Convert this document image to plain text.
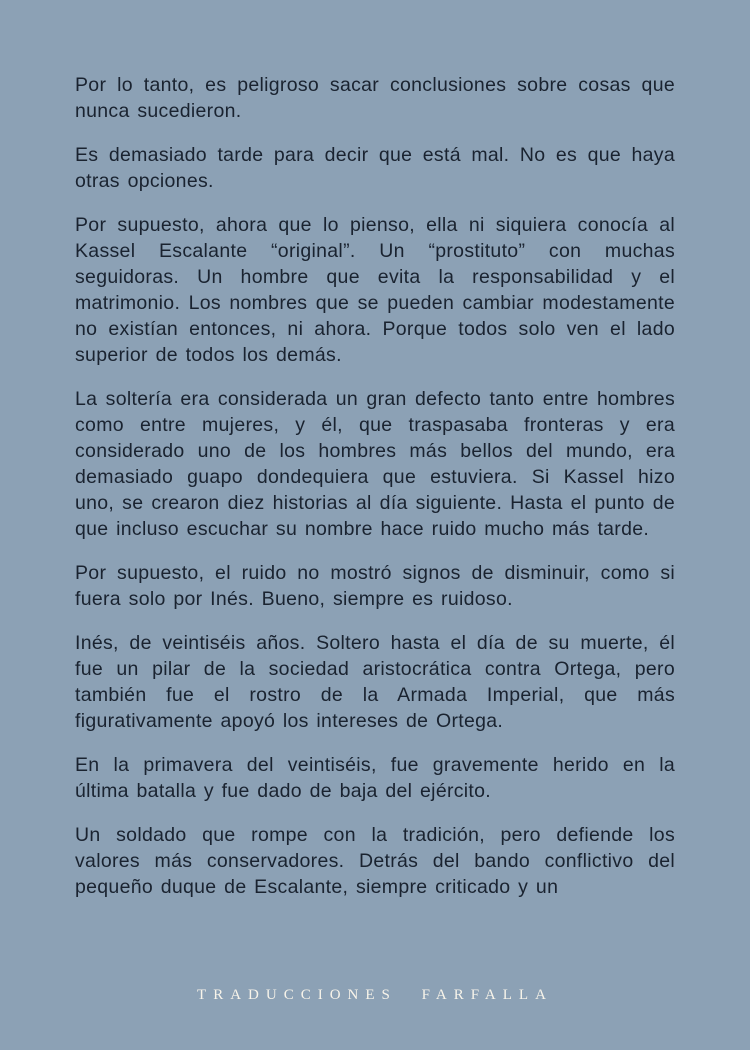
Por lo tanto, es peligroso sacar conclusiones sobre cosas que nunca sucedieron.

Es demasiado tarde para decir que está mal. No es que haya otras opciones.

Por supuesto, ahora que lo pienso, ella ni siquiera conocía al Kassel Escalante “original”. Un “prostituto” con muchas seguidoras. Un hombre que evita la responsabilidad y el matrimonio. Los nombres que se pueden cambiar modestamente no existían entonces, ni ahora. Porque todos solo ven el lado superior de todos los demás.

La soltería era considerada un gran defecto tanto entre hombres como entre mujeres, y él, que traspasaba fronteras y era considerado uno de los hombres más bellos del mundo, era demasiado guapo dondequiera que estuviera. Si Kassel hizo uno, se crearon diez historias al día siguiente. Hasta el punto de que incluso escuchar su nombre hace ruido mucho más tarde.

Por supuesto, el ruido no mostró signos de disminuir, como si fuera solo por Inés. Bueno, siempre es ruidoso.

Inés, de veintiséis años. Soltero hasta el día de su muerte, él fue un pilar de la sociedad aristocrática contra Ortega, pero también fue el rostro de la Armada Imperial, que más figurativamente apoyó los intereses de Ortega.

En la primavera del veintiséis, fue gravemente herido en la última batalla y fue dado de baja del ejército.

Un soldado que rompe con la tradición, pero defiende los valores más conservadores. Detrás del bando conflictivo del pequeño duque de Escalante, siempre criticado y un

TRADUCCIONES FARFALLA
